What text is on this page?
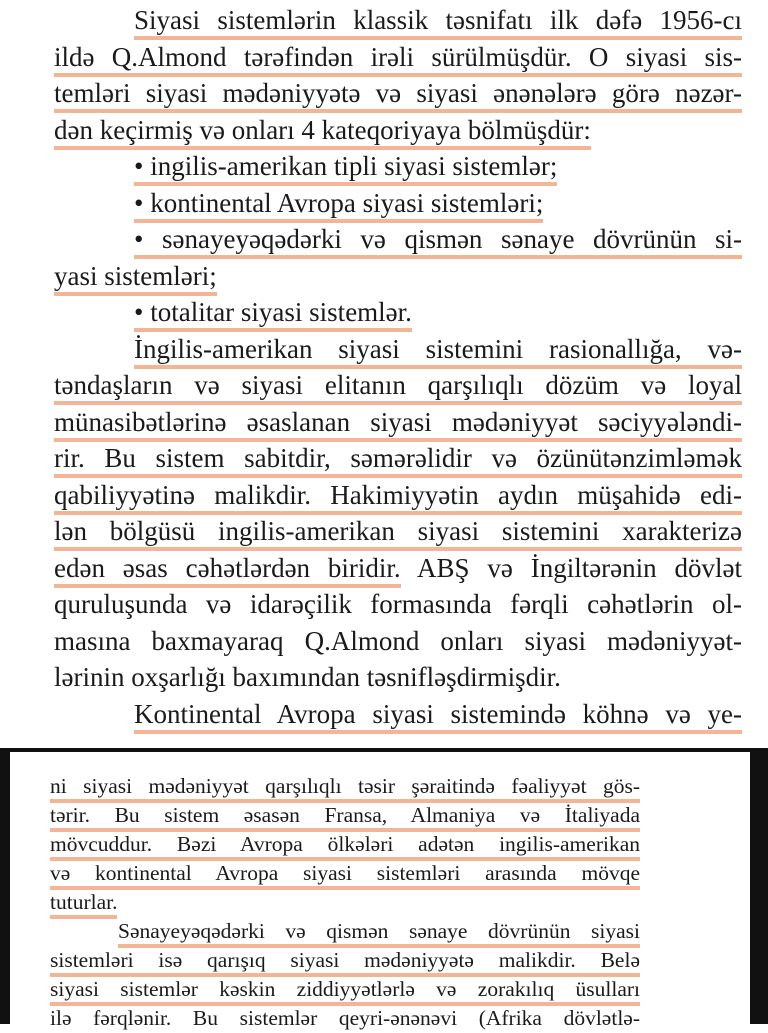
Siyasi sistemlərin klassik təsnifatı ilk dəfə 1956-cı
ildə Q.Almond tərəfindən irəli sürülmüşdür. O siyasi sis-
temləri siyasi mədəniyyətə və siyasi ənənələrə görə nəzər-
dən keçirmiş və onları 4 kateqoriyaya bölmüşdür:
• ingilis-amerikan tipli siyasi sistemlər;
• kontinental Avropa siyasi sistemləri;
• sənayeyəqədərki və qismən sənaye dövrünün si-
yasi sistemləri;
• totalitar siyasi sistemlər.
İngilis-amerikan siyasi sistemini rasionallığa, və-
təndaşların və siyasi elitanın qarşılıqlı dözüm və loyal
münasibətlərinə əsaslanan siyasi mədəniyyət səciyyələndi-
rir. Bu sistem sabitdir, səmərəlidir və özünütənzimləmək
qabiliyyətinə malikdir. Hakimiyyətin aydın müşahidə edi-
lən bölgüsü ingilis-amerikan siyasi sistemini xarakterizə
edən əsas cəhətlərdən biridir. ABŞ və İngiltərənin dövlət
quruluşunda və idarəçilik formasında fərqli cəhətlərin ol-
masına baxmayaraq Q.Almond onları siyasi mədəniyyət-
lərinin oxşarlığı baxımından təsnifləşdirmişdir.
Kontinental Avropa siyasi sistemində köhnə və ye-
ni siyasi mədəniyyət qarşılıqlı təsir şəraitində fəaliyyət gös-
tərir. Bu sistem əsasən Fransa, Almaniya və İtaliyada
mövcuddur. Bəzi Avropa ölkələri adətən ingilis-amerikan
və kontinental Avropa siyasi sistemləri arasında mövqe
tuturlar.
Sənayeyəqədərki və qismən sənaye dövrünün siyasi
sistemləri isə qarışıq siyasi mədəniyyətə malikdir. Belə
siyasi sistemlər kəskin ziddiyyətlərlə və zorakılıq üsulları
ilə fərqlənir. Bu sistemlər qeyri-ənənəvi (Afrika dövlətlə-
